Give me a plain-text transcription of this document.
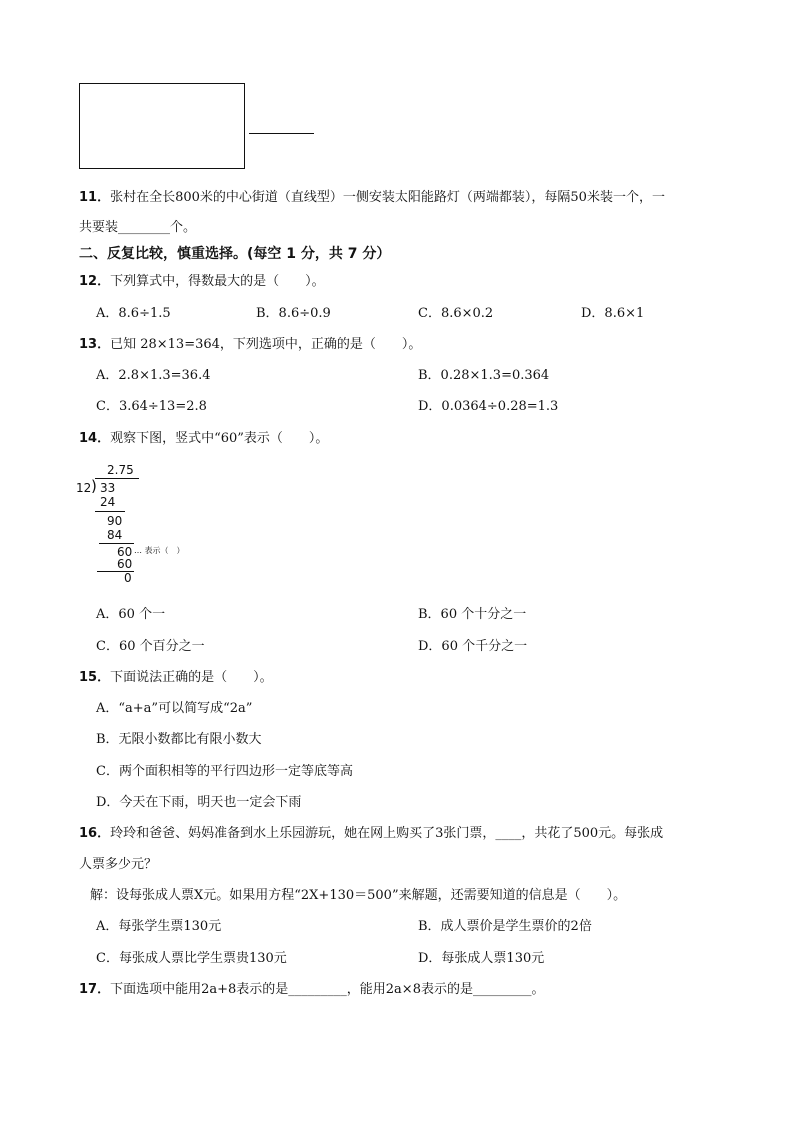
11．张村在全长800米的中心街道（直线型）一侧安装太阳能路灯（两端都装），每隔50米装一个，一
共要装________个。
二、反复比较，慎重选择。(每空 1 分，共 7 分）
12．下列算式中，得数最大的是（　　）。
A．8.6÷1.5	B．8.6÷0.9	C．8.6×0.2	D．8.6×1
13．已知 28×13=364，下列选项中，正确的是（　　）。
A．2.8×1.3=36.4	B．0.28×1.3=0.364
C．3.64÷13=2.8	D．0.0364÷0.28=1.3
14．观察下图，竖式中“60”表示（　　）。
2.75
12 ) 33
24
90
84
60 … 表示（　）
60
0
A．60 个一	B．60 个十分之一
C．60 个百分之一	D．60 个千分之一
15．下面说法正确的是（　　）。
A．“a+a”可以简写成“2a”
B．无限小数都比有限小数大
C．两个面积相等的平行四边形一定等底等高
D．今天在下雨，明天也一定会下雨
16．玲玲和爸爸、妈妈准备到水上乐园游玩，她在网上购买了3张门票，____，共花了500元。每张成
人票多少元？
解：设每张成人票X元。如果用方程“2X+130＝500”来解题，还需要知道的信息是（　　）。
A．每张学生票130元	B．成人票价是学生票价的2倍
C．每张成人票比学生票贵130元	D．每张成人票130元
17．下面选项中能用2a+8表示的是_________，能用2a×8表示的是_________。
